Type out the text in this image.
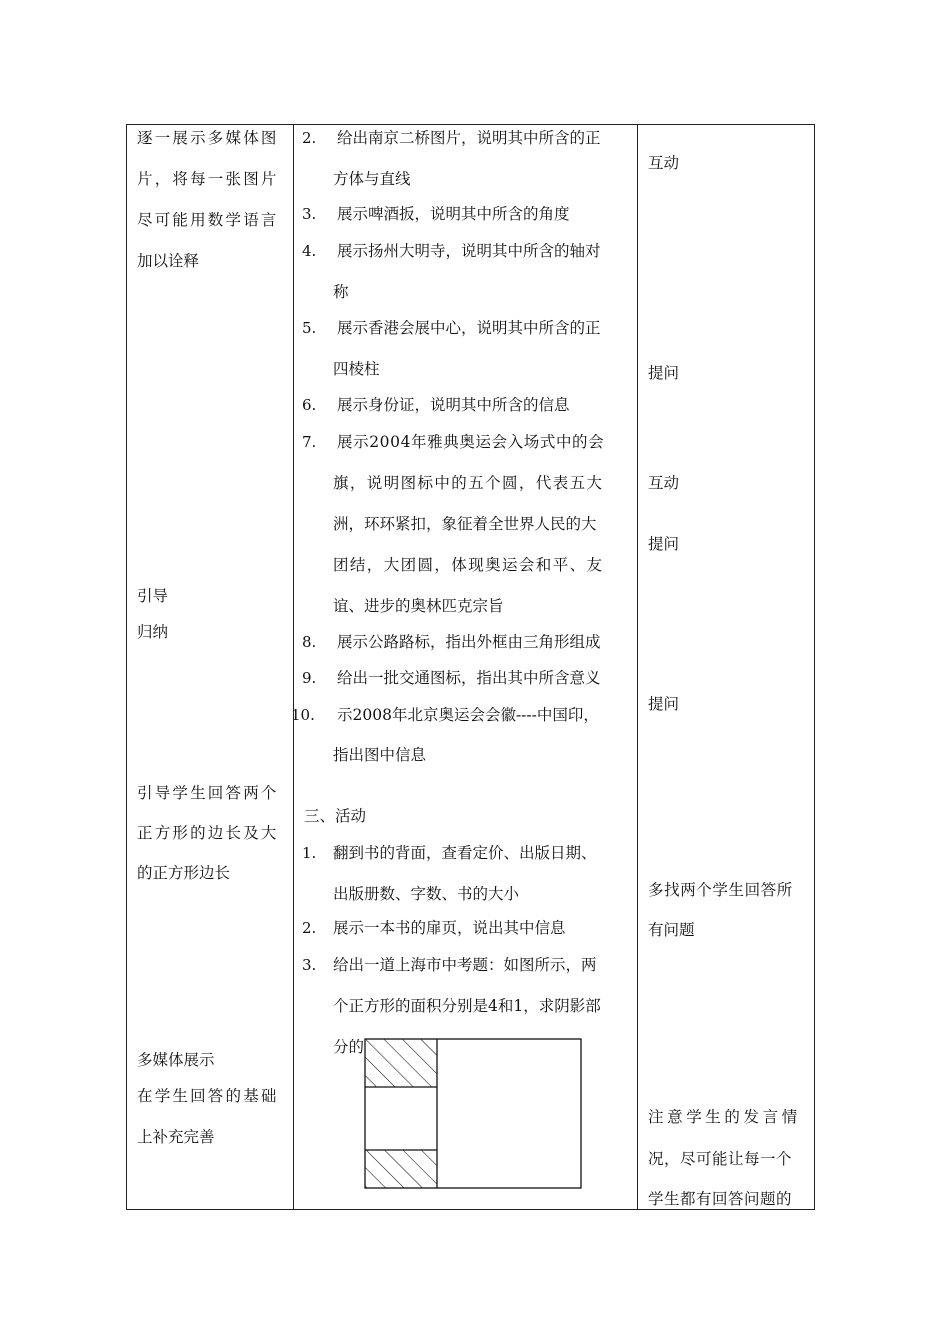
逐一展示多媒体图
片，将每一张图片
尽可能用数学语言
加以诠释
引导
归纳
引导学生回答两个
正方形的边长及大
的正方形边长
多媒体展示
在学生回答的基础
上补充完善
2. 给出南京二桥图片，说明其中所含的正
方体与直线
3. 展示啤酒扳，说明其中所含的角度
4. 展示扬州大明寺，说明其中所含的轴对
称
5. 展示香港会展中心，说明其中所含的正
四棱柱
6. 展示身份证，说明其中所含的信息
7. 展示2004年雅典奥运会入场式中的会
旗，说明图标中的五个圆，代表五大
洲，环环紧扣，象征着全世界人民的大
团结，大团圆，体现奥运会和平、友
谊、进步的奥林匹克宗旨
8. 展示公路路标，指出外框由三角形组成
9. 给出一批交通图标，指出其中所含意义
10. 示2008年北京奥运会会徽----中国印，
指出图中信息
三、活动
1. 翻到书的背面，查看定价、出版日期、
出版册数、字数、书的大小
2. 展示一本书的扉页，说出其中信息
3. 给出一道上海市中考题：如图所示，两
个正方形的面积分别是4和1，求阴影部
分的
互动
提问
互动
提问
提问
多找两个学生回答所
有问题
注意学生的发言情
况，尽可能让每一个
学生都有回答问题的
